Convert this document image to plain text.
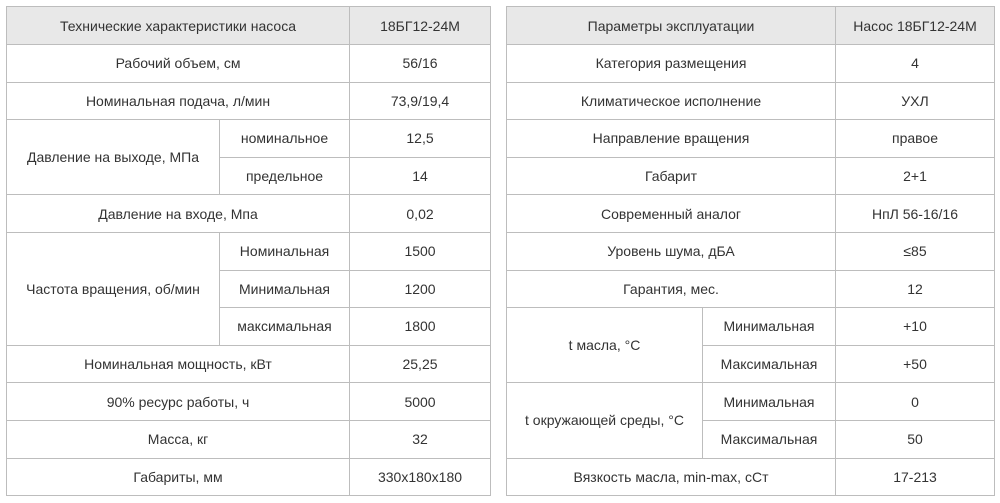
Технические характеристики насоса		18БГ12-24М
Рабочий объем, см		56/16
Номинальная подача, л/мин		73,9/19,4
Давление на выходе, МПа	номинальное	12,5
	предельное	14
Давление на входе, Мпа		0,02
Частота вращения, об/мин	Номинальная	1500
	Минимальная	1200
	максимальная	1800
Номинальная мощность, кВт		25,25
90% ресурс работы, ч		5000
Масса, кг		32
Габариты, мм		330х180х180
Параметры эксплуатации		Насос 18БГ12-24М
Категория размещения		4
Климатическое исполнение		УХЛ
Направление вращения		правое
Габарит		2+1
Современный аналог		НпЛ 56-16/16
Уровень шума, дБА		≤85
Гарантия, мес.		12
t масла, °С	Минимальная	+10
	Максимальная	+50
t окружающей среды, °С	Минимальная	0
	Максимальная	50
Вязкость масла, min-max, сСт		17-213
